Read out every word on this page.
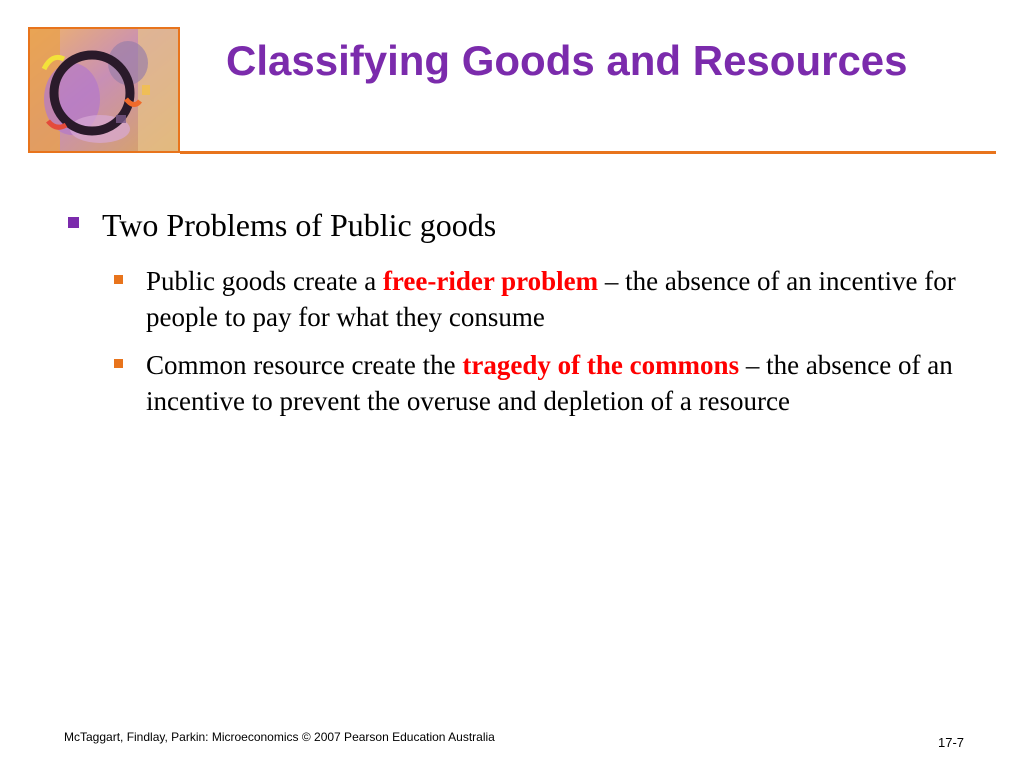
Classifying Goods and Resources
Two Problems of Public goods
Public goods create a free-rider problem – the absence of an incentive for people to pay for what they consume
Common resource create the tragedy of the commons – the absence of an incentive to prevent the overuse and depletion of a resource
McTaggart, Findlay, Parkin: Microeconomics © 2007 Pearson Education Australia	17-7
